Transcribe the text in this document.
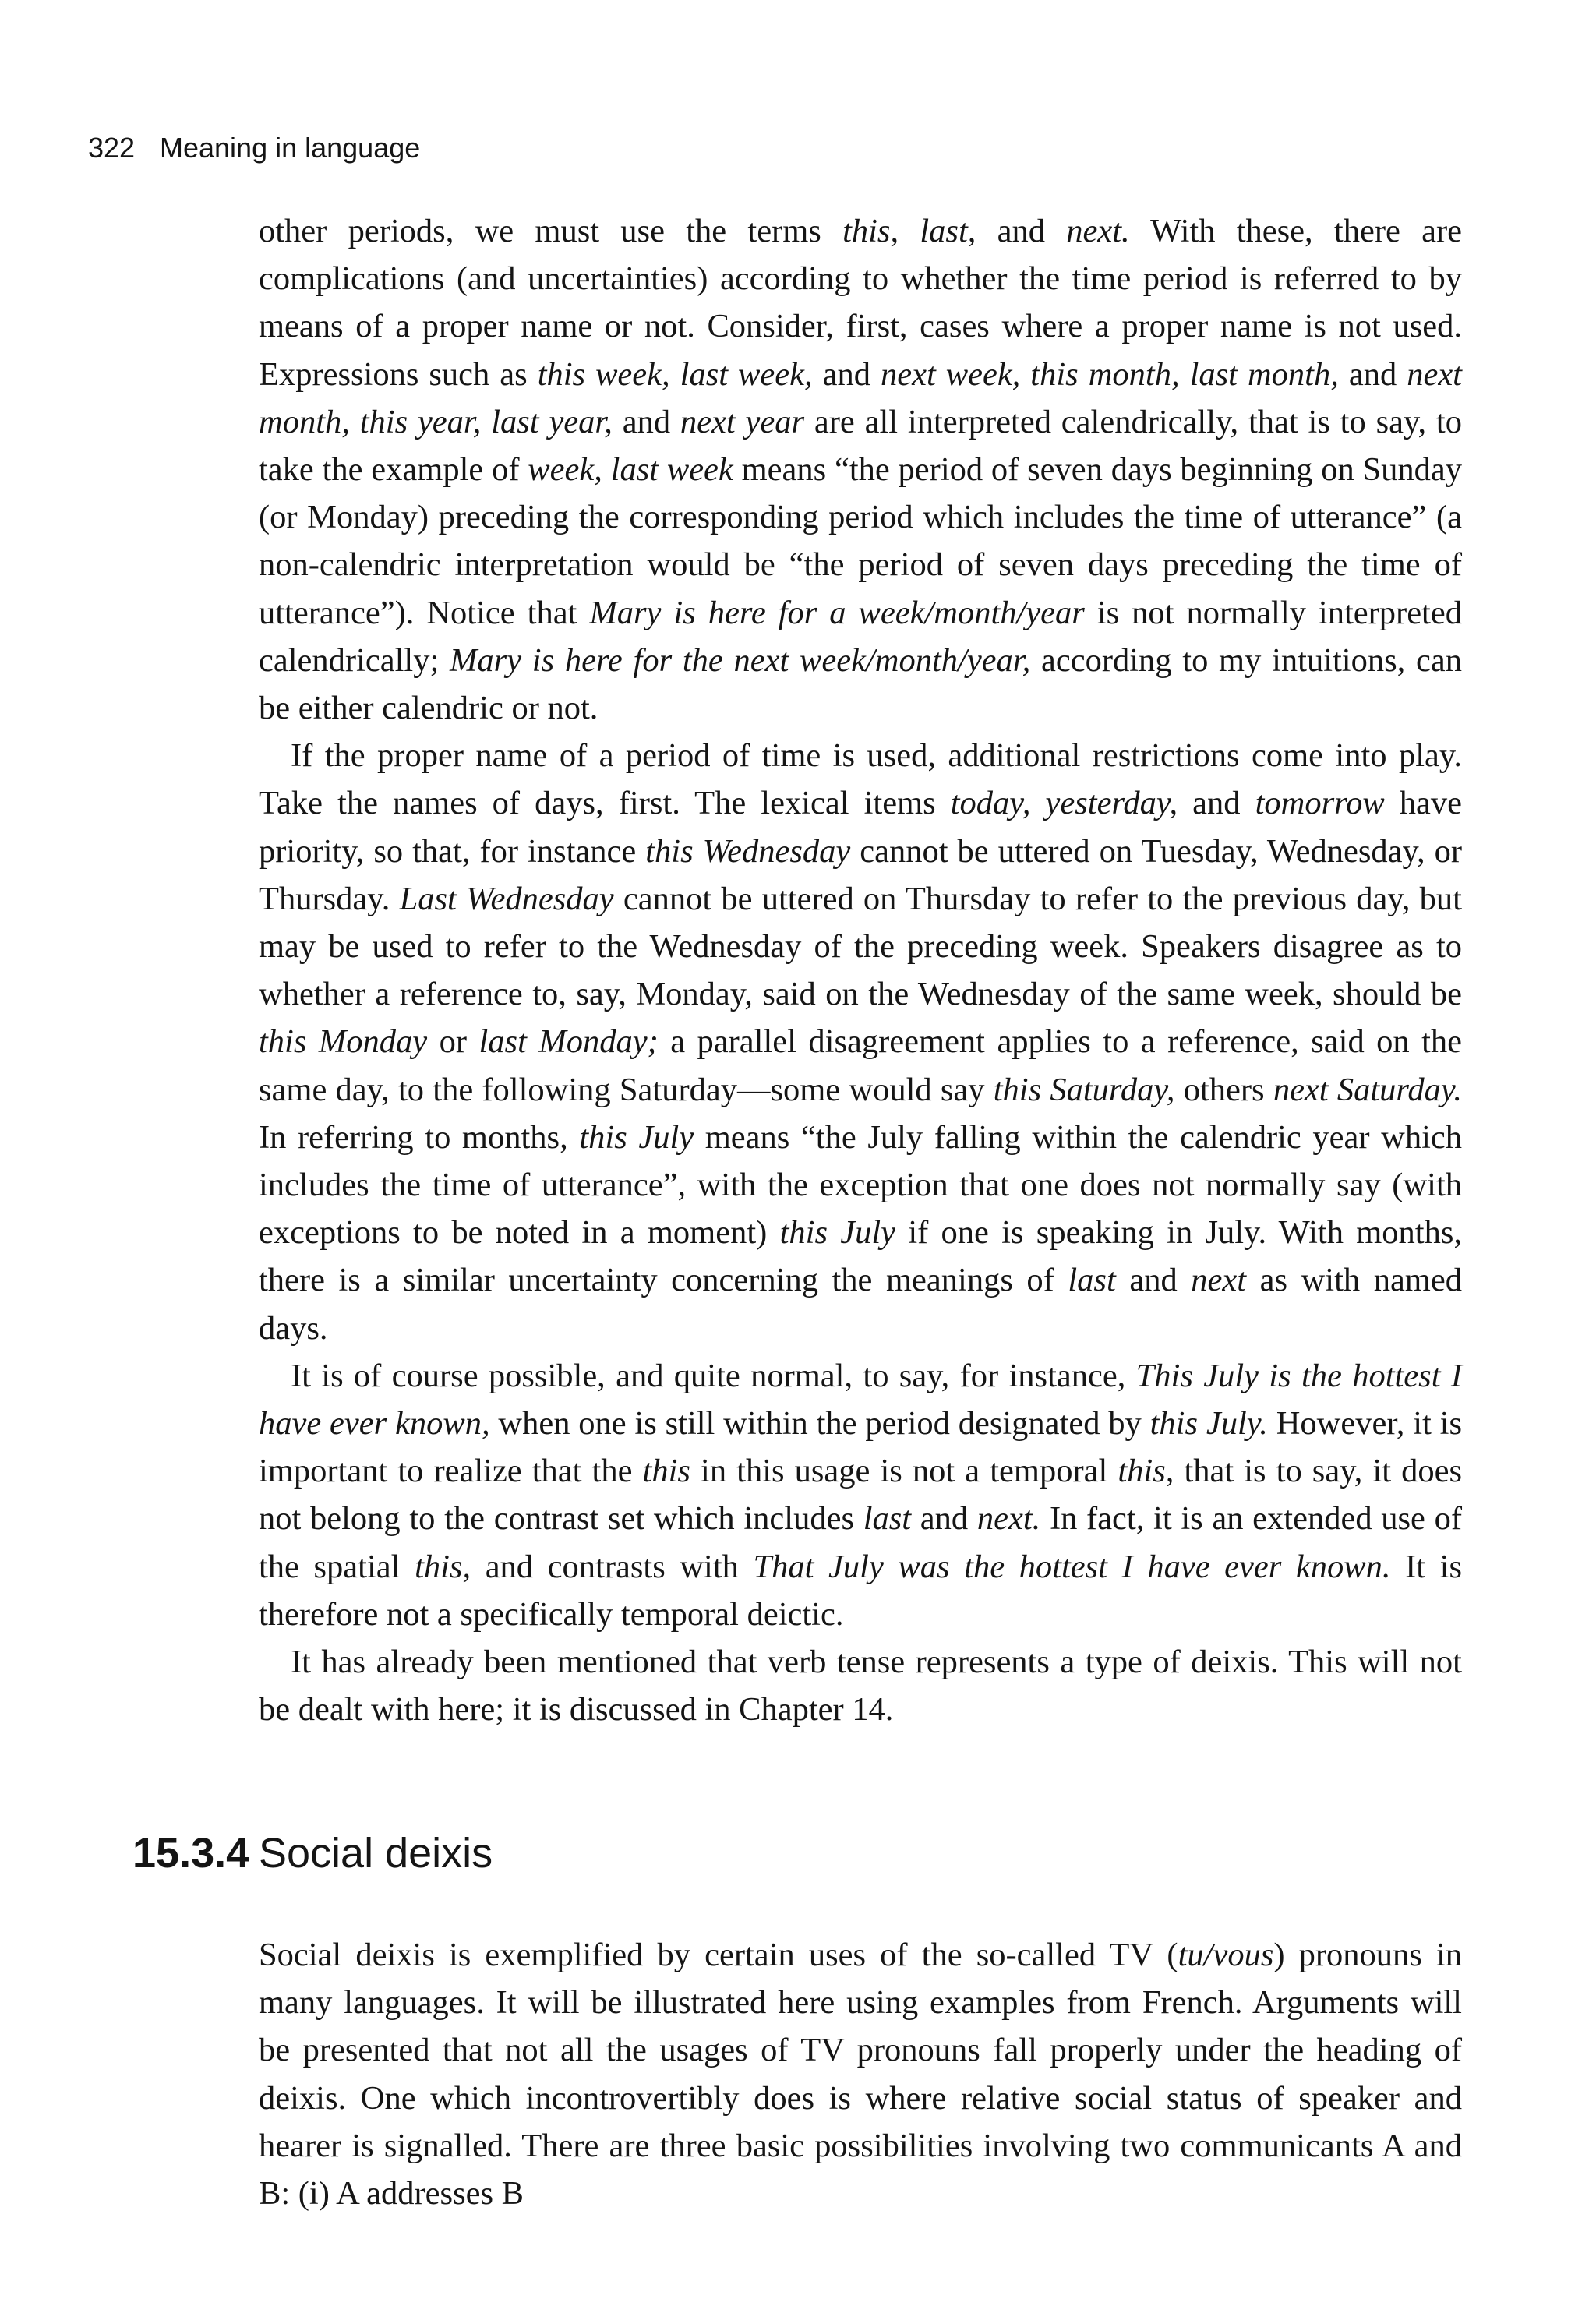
322 Meaning in language

other periods, we must use the terms this, last, and next. With these, there are complications (and uncertainties) according to whether the time period is referred to by means of a proper name or not. Consider, first, cases where a proper name is not used. Expressions such as this week, last week, and next week, this month, last month, and next month, this year, last year, and next year are all interpreted calendrically, that is to say, to take the example of week, last week means “the period of seven days beginning on Sunday (or Monday) preceding the corresponding period which includes the time of utterance” (a non-calendric interpretation would be “the period of seven days preceding the time of utterance”). Notice that Mary is here for a week/month/year is not normally interpreted calendrically; Mary is here for the next week/month/year, according to my intuitions, can be either calendric or not.

If the proper name of a period of time is used, additional restrictions come into play. Take the names of days, first. The lexical items today, yesterday, and tomorrow have priority, so that, for instance this Wednesday cannot be uttered on Tuesday, Wednesday, or Thursday. Last Wednesday cannot be uttered on Thursday to refer to the previous day, but may be used to refer to the Wednesday of the preceding week. Speakers disagree as to whether a reference to, say, Monday, said on the Wednesday of the same week, should be this Monday or last Monday; a parallel disagreement applies to a reference, said on the same day, to the following Saturday—some would say this Saturday, others next Saturday. In referring to months, this July means “the July falling within the calendric year which includes the time of utterance”, with the exception that one does not normally say (with exceptions to be noted in a moment) this July if one is speaking in July. With months, there is a similar uncertainty concerning the meanings of last and next as with named days.

It is of course possible, and quite normal, to say, for instance, This July is the hottest I have ever known, when one is still within the period designated by this July. However, it is important to realize that the this in this usage is not a temporal this, that is to say, it does not belong to the contrast set which includes last and next. In fact, it is an extended use of the spatial this, and contrasts with That July was the hottest I have ever known. It is therefore not a specifically temporal deictic.

It has already been mentioned that verb tense represents a type of deixis. This will not be dealt with here; it is discussed in Chapter 14.

15.3.4 Social deixis

Social deixis is exemplified by certain uses of the so-called TV (tu/vous) pronouns in many languages. It will be illustrated here using examples from French. Arguments will be presented that not all the usages of TV pronouns fall properly under the heading of deixis. One which incontrovertibly does is where relative social status of speaker and hearer is signalled. There are three basic possibilities involving two communicants A and B: (i) A addresses B
